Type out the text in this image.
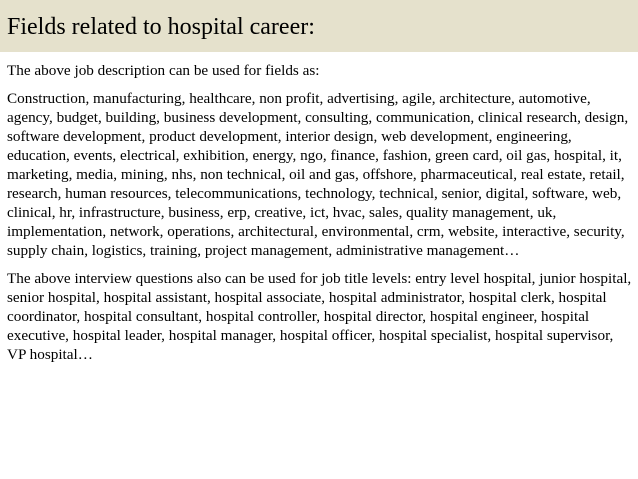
Fields related to hospital career:

The above job description can be used for fields as:

Construction, manufacturing, healthcare, non profit, advertising, agile, architecture, automotive, agency, budget, building, business development, consulting, communication, clinical research, design, software development, product development, interior design, web development, engineering, education, events, electrical, exhibition, energy, ngo, finance, fashion, green card, oil gas, hospital, it, marketing, media, mining, nhs, non technical, oil and gas, offshore, pharmaceutical, real estate, retail, research, human resources, telecommunications, technology, technical, senior, digital, software, web, clinical, hr, infrastructure, business, erp, creative, ict, hvac, sales, quality management, uk, implementation, network, operations, architectural, environmental, crm, website, interactive, security, supply chain, logistics, training, project management, administrative management…

The above interview questions also can be used for job title levels: entry level hospital, junior hospital, senior hospital, hospital assistant, hospital associate, hospital administrator, hospital clerk, hospital coordinator, hospital consultant, hospital controller, hospital director, hospital engineer, hospital executive, hospital leader, hospital manager, hospital officer, hospital specialist, hospital supervisor, VP hospital…
